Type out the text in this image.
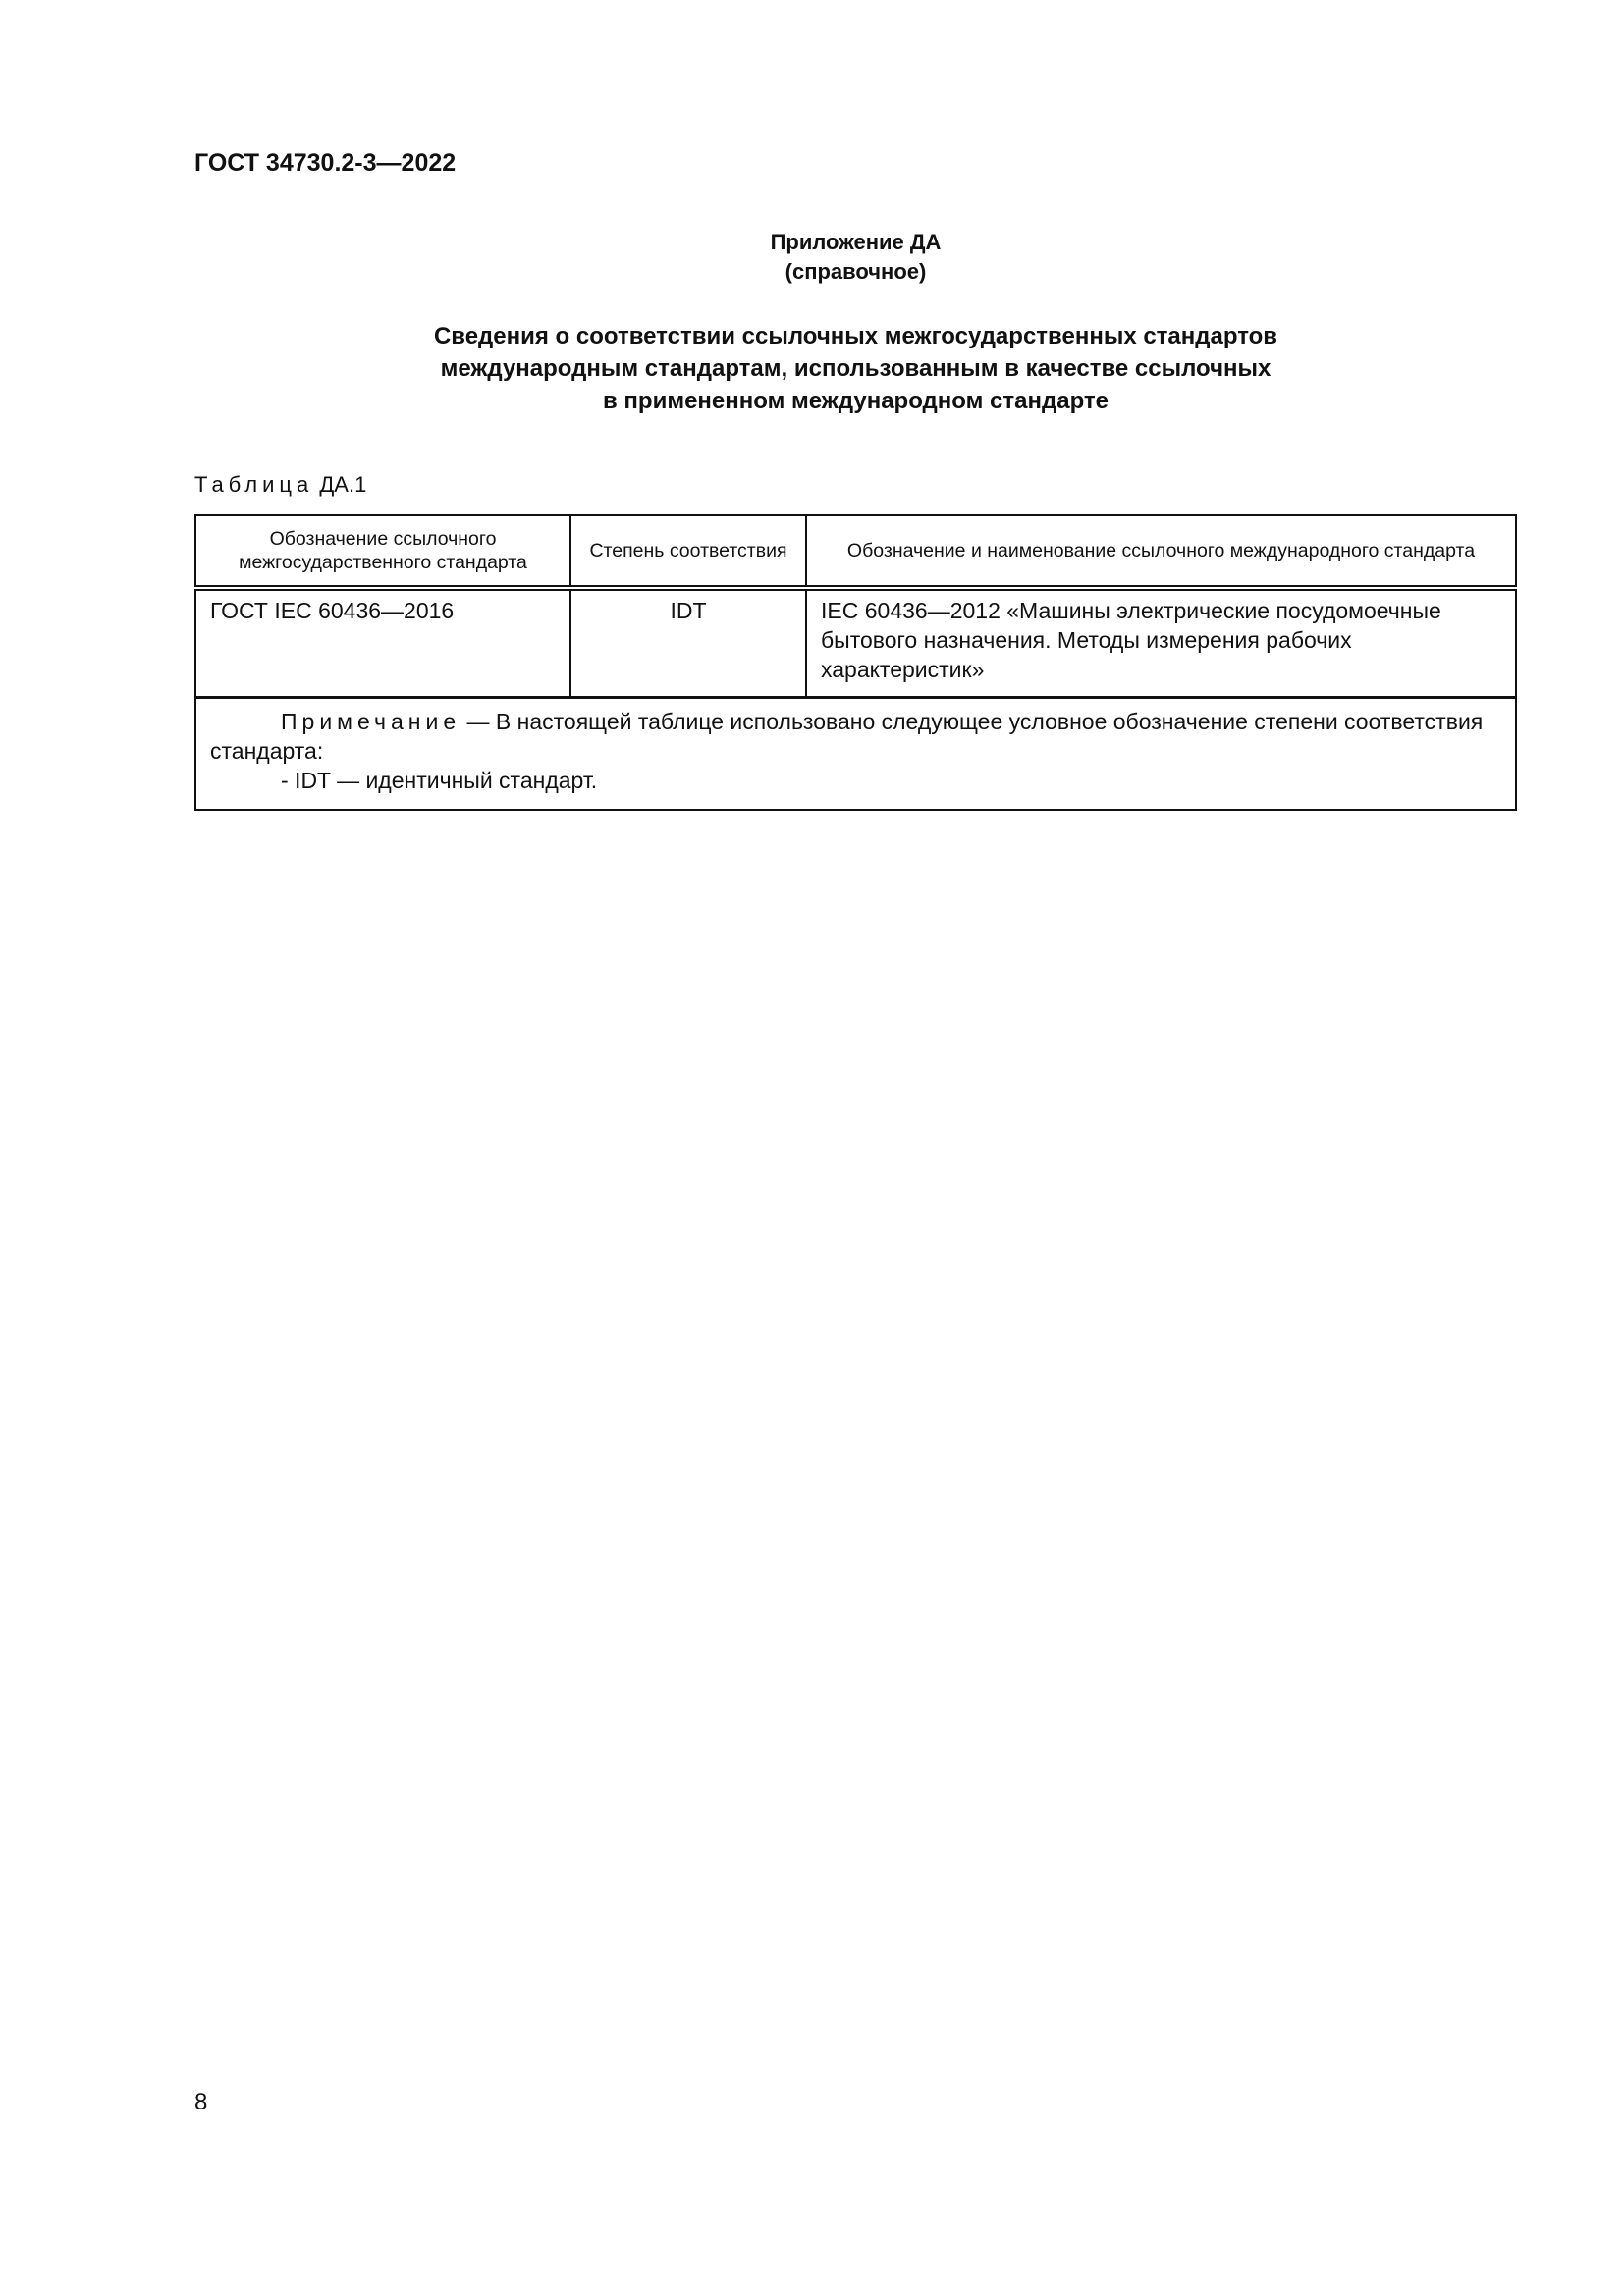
ГОСТ 34730.2-3—2022
Приложение ДА
(справочное)
Сведения о соответствии ссылочных межгосударственных стандартов
международным стандартам, использованным в качестве ссылочных
в примененном международном стандарте
Таблица ДА.1
Обозначение ссылочного межгосударственного стандарта	Степень соответствия	Обозначение и наименование ссылочного международного стандарта
ГОСТ IEC 60436—2016	IDT	IEC 60436—2012 «Машины электрические посудомоечные бытового назначения. Методы измерения рабочих характеристик»

Примечание — В настоящей таблице использовано следующее условное обозначение степени соответствия стандарта:
- IDT — идентичный стандарт.		
8
